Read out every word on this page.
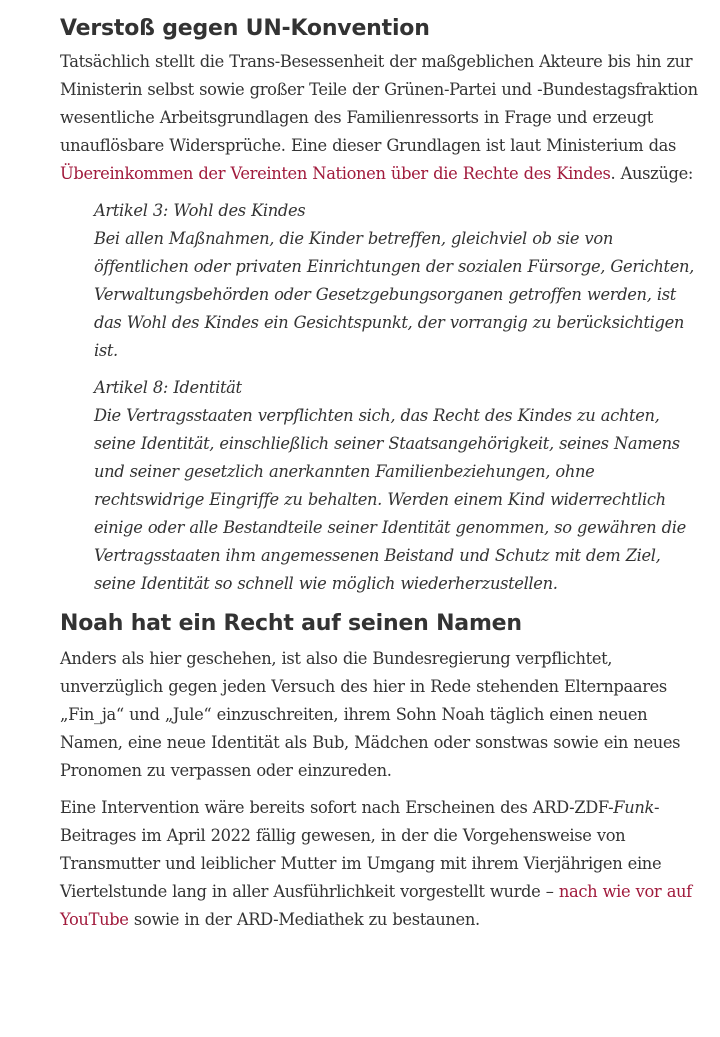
Verstoß gegen UN-Konvention

Tatsächlich stellt die Trans-Besessenheit der maßgeblichen Akteure bis hin zur Ministerin selbst sowie großer Teile der Grünen-Partei und -Bundestagsfraktion wesentliche Arbeitsgrundlagen des Familienressorts in Frage und erzeugt unauflösbare Widersprüche. Eine dieser Grundlagen ist laut Ministerium das Übereinkommen der Vereinten Nationen über die Rechte des Kindes. Auszüge:

Artikel 3: Wohl des Kindes
Bei allen Maßnahmen, die Kinder betreffen, gleichviel ob sie von öffentlichen oder privaten Einrichtungen der sozialen Fürsorge, Gerichten, Verwaltungsbehörden oder Gesetzgebungsorganen getroffen werden, ist das Wohl des Kindes ein Gesichtspunkt, der vorrangig zu berücksichtigen ist.

Artikel 8: Identität
Die Vertragsstaaten verpflichten sich, das Recht des Kindes zu achten, seine Identität, einschließlich seiner Staatsangehörigkeit, seines Namens und seiner gesetzlich anerkannten Familienbeziehungen, ohne rechtswidrige Eingriffe zu behalten. Werden einem Kind widerrechtlich einige oder alle Bestandteile seiner Identität genommen, so gewähren die Vertragsstaaten ihm angemessenen Beistand und Schutz mit dem Ziel, seine Identität so schnell wie möglich wiederherzustellen.

Noah hat ein Recht auf seinen Namen

Anders als hier geschehen, ist also die Bundesregierung verpflichtet, unverzüglich gegen jeden Versuch des hier in Rede stehenden Elternpaares „Fin_ja“ und „Jule“ einzuschreiten, ihrem Sohn Noah täglich einen neuen Namen, eine neue Identität als Bub, Mädchen oder sonstwas sowie ein neues Pronomen zu verpassen oder einzureden.

Eine Intervention wäre bereits sofort nach Erscheinen des ARD-ZDF-Funk-Beitrages im April 2022 fällig gewesen, in der die Vorgehensweise von Transmutter und leiblicher Mutter im Umgang mit ihrem Vierjährigen eine Viertelstunde lang in aller Ausführlichkeit vorgestellt wurde – nach wie vor auf YouTube sowie in der ARD-Mediathek zu bestaunen.
